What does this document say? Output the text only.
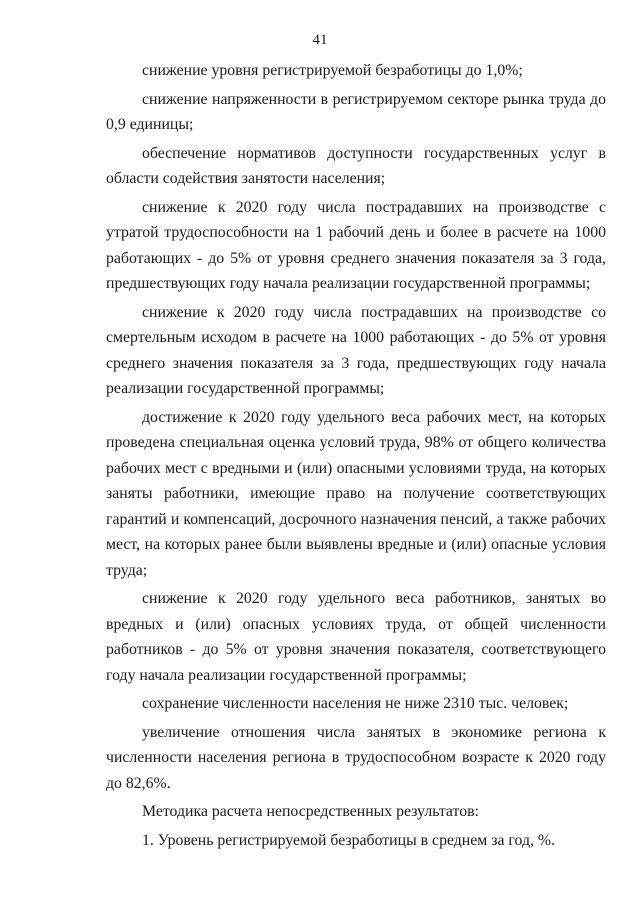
41

снижение уровня регистрируемой безработицы до 1,0%;

снижение напряженности в регистрируемом секторе рынка труда до 0,9 единицы;

обеспечение нормативов доступности государственных услуг в области содействия занятости населения;

снижение к 2020 году числа пострадавших на производстве с утратой трудоспособности на 1 рабочий день и более в расчете на 1000 работающих - до 5% от уровня среднего значения показателя за 3 года, предшествующих году начала реализации государственной программы;

снижение к 2020 году числа пострадавших на производстве со смертельным исходом в расчете на 1000 работающих - до 5% от уровня среднего значения показателя за 3 года, предшествующих году начала реализации государственной программы;

достижение к 2020 году удельного веса рабочих мест, на которых проведена специальная оценка условий труда, 98% от общего количества рабочих мест с вредными и (или) опасными условиями труда, на которых заняты работники, имеющие право на получение соответствующих гарантий и компенсаций, досрочного назначения пенсий, а также рабочих мест, на которых ранее были выявлены вредные и (или) опасные условия труда;

снижение к 2020 году удельного веса работников, занятых во вредных и (или) опасных условиях труда, от общей численности работников - до 5% от уровня значения показателя, соответствующего году начала реализации государственной программы;

сохранение численности населения не ниже 2310 тыс. человек;

увеличение отношения числа занятых в экономике региона к численности населения региона в трудоспособном возрасте к 2020 году до 82,6%.

Методика расчета непосредственных результатов:

1. Уровень регистрируемой безработицы в среднем за год, %.
